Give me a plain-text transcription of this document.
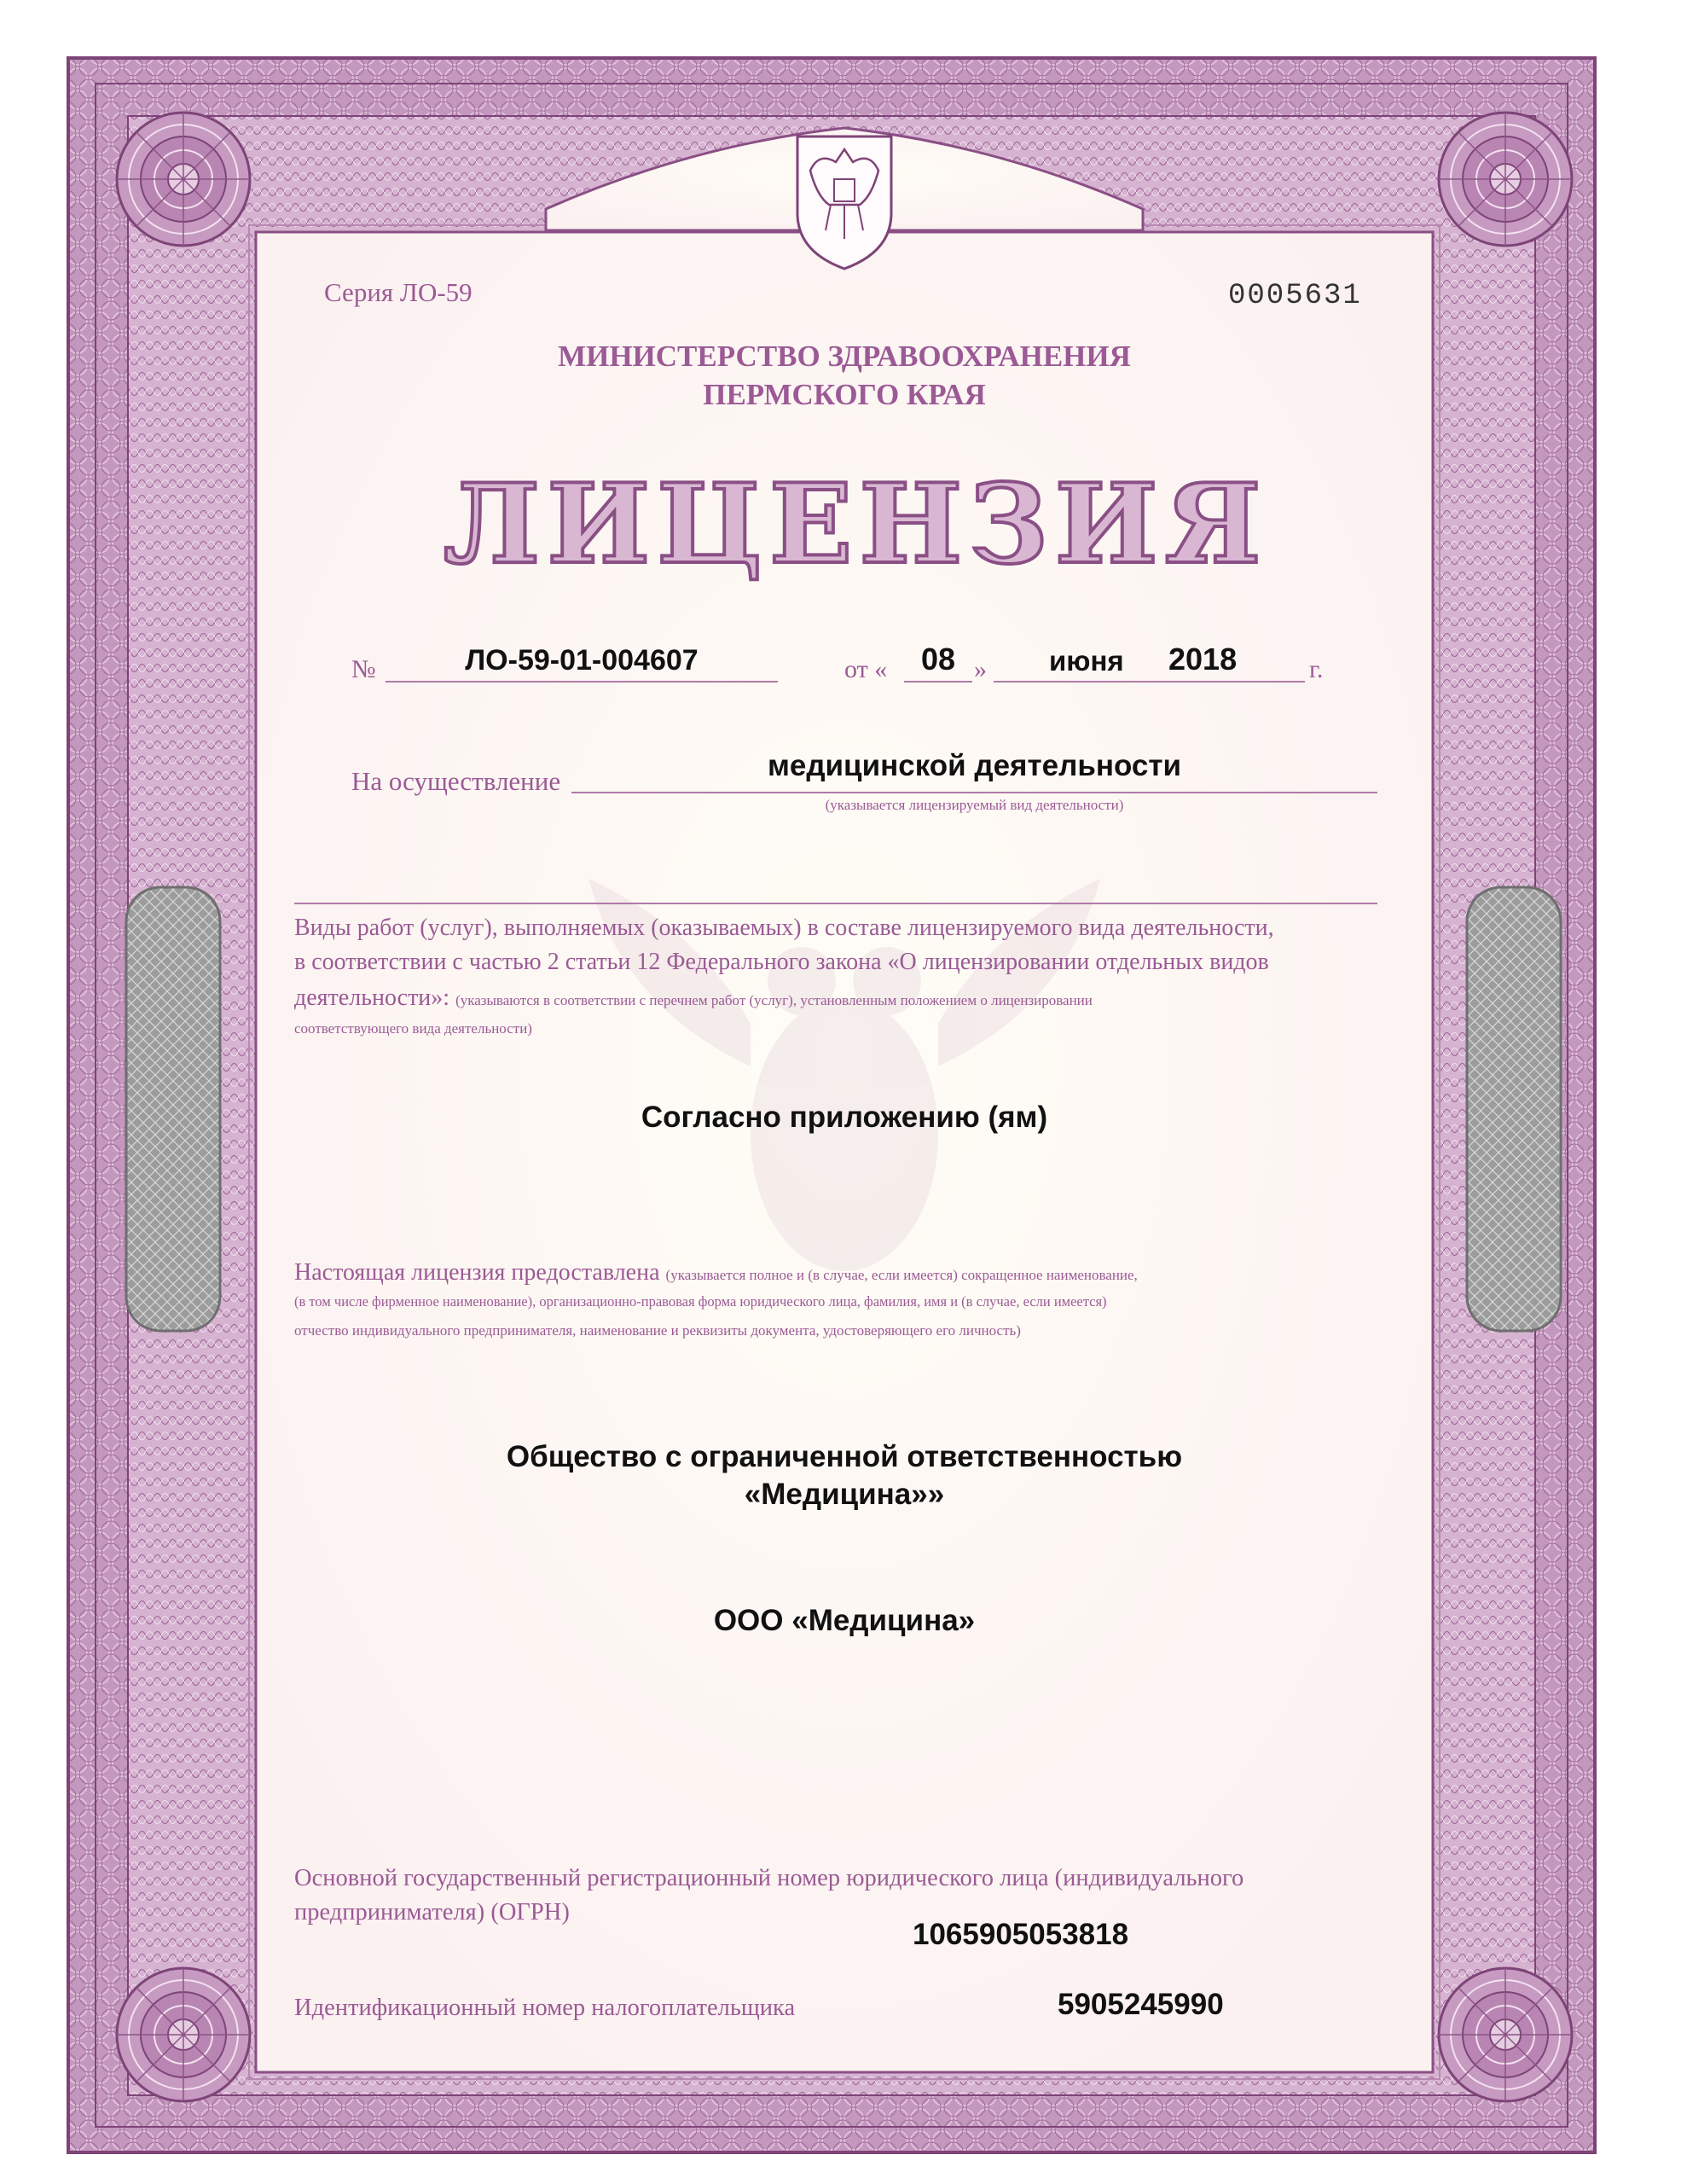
Серия ЛО-59	0005631
МИНИСТЕРСТВО ЗДРАВООХРАНЕНИЯ
ПЕРМСКОГО КРАЯ
ЛИЦЕНЗИЯ
№	ЛО-59-01-004607	от «	08 » июня 2018	г.
На осуществление	медицинской деятельности
(указывается лицензируемый вид деятельности)
Виды работ (услуг), выполняемых (оказываемых) в составе лицензируемого вида деятельности,
в соответствии с частью 2 статьи 12 Федерального закона «О лицензировании отдельных видов
деятельности»: (указываются в соответствии с перечнем работ (услуг), установленным положением о лицензировании
соответствующего вида деятельности)
Согласно приложению (ям)
Настоящая лицензия предоставлена (указывается полное и (в случае, если имеется) сокращенное наименование,
(в том числе фирменное наименование), организационно-правовая форма юридического лица, фамилия, имя и (в случае, если имеется)
отчество индивидуального предпринимателя, наименование и реквизиты документа, удостоверяющего его личность)
Общество с ограниченной ответственностью
«Медицина»»
ООО «Медицина»
Основной государственный регистрационный номер юридического лица (индивидуального
предпринимателя) (ОГРН)
1065905053818
Идентификационный номер налогоплательщика	5905245990
